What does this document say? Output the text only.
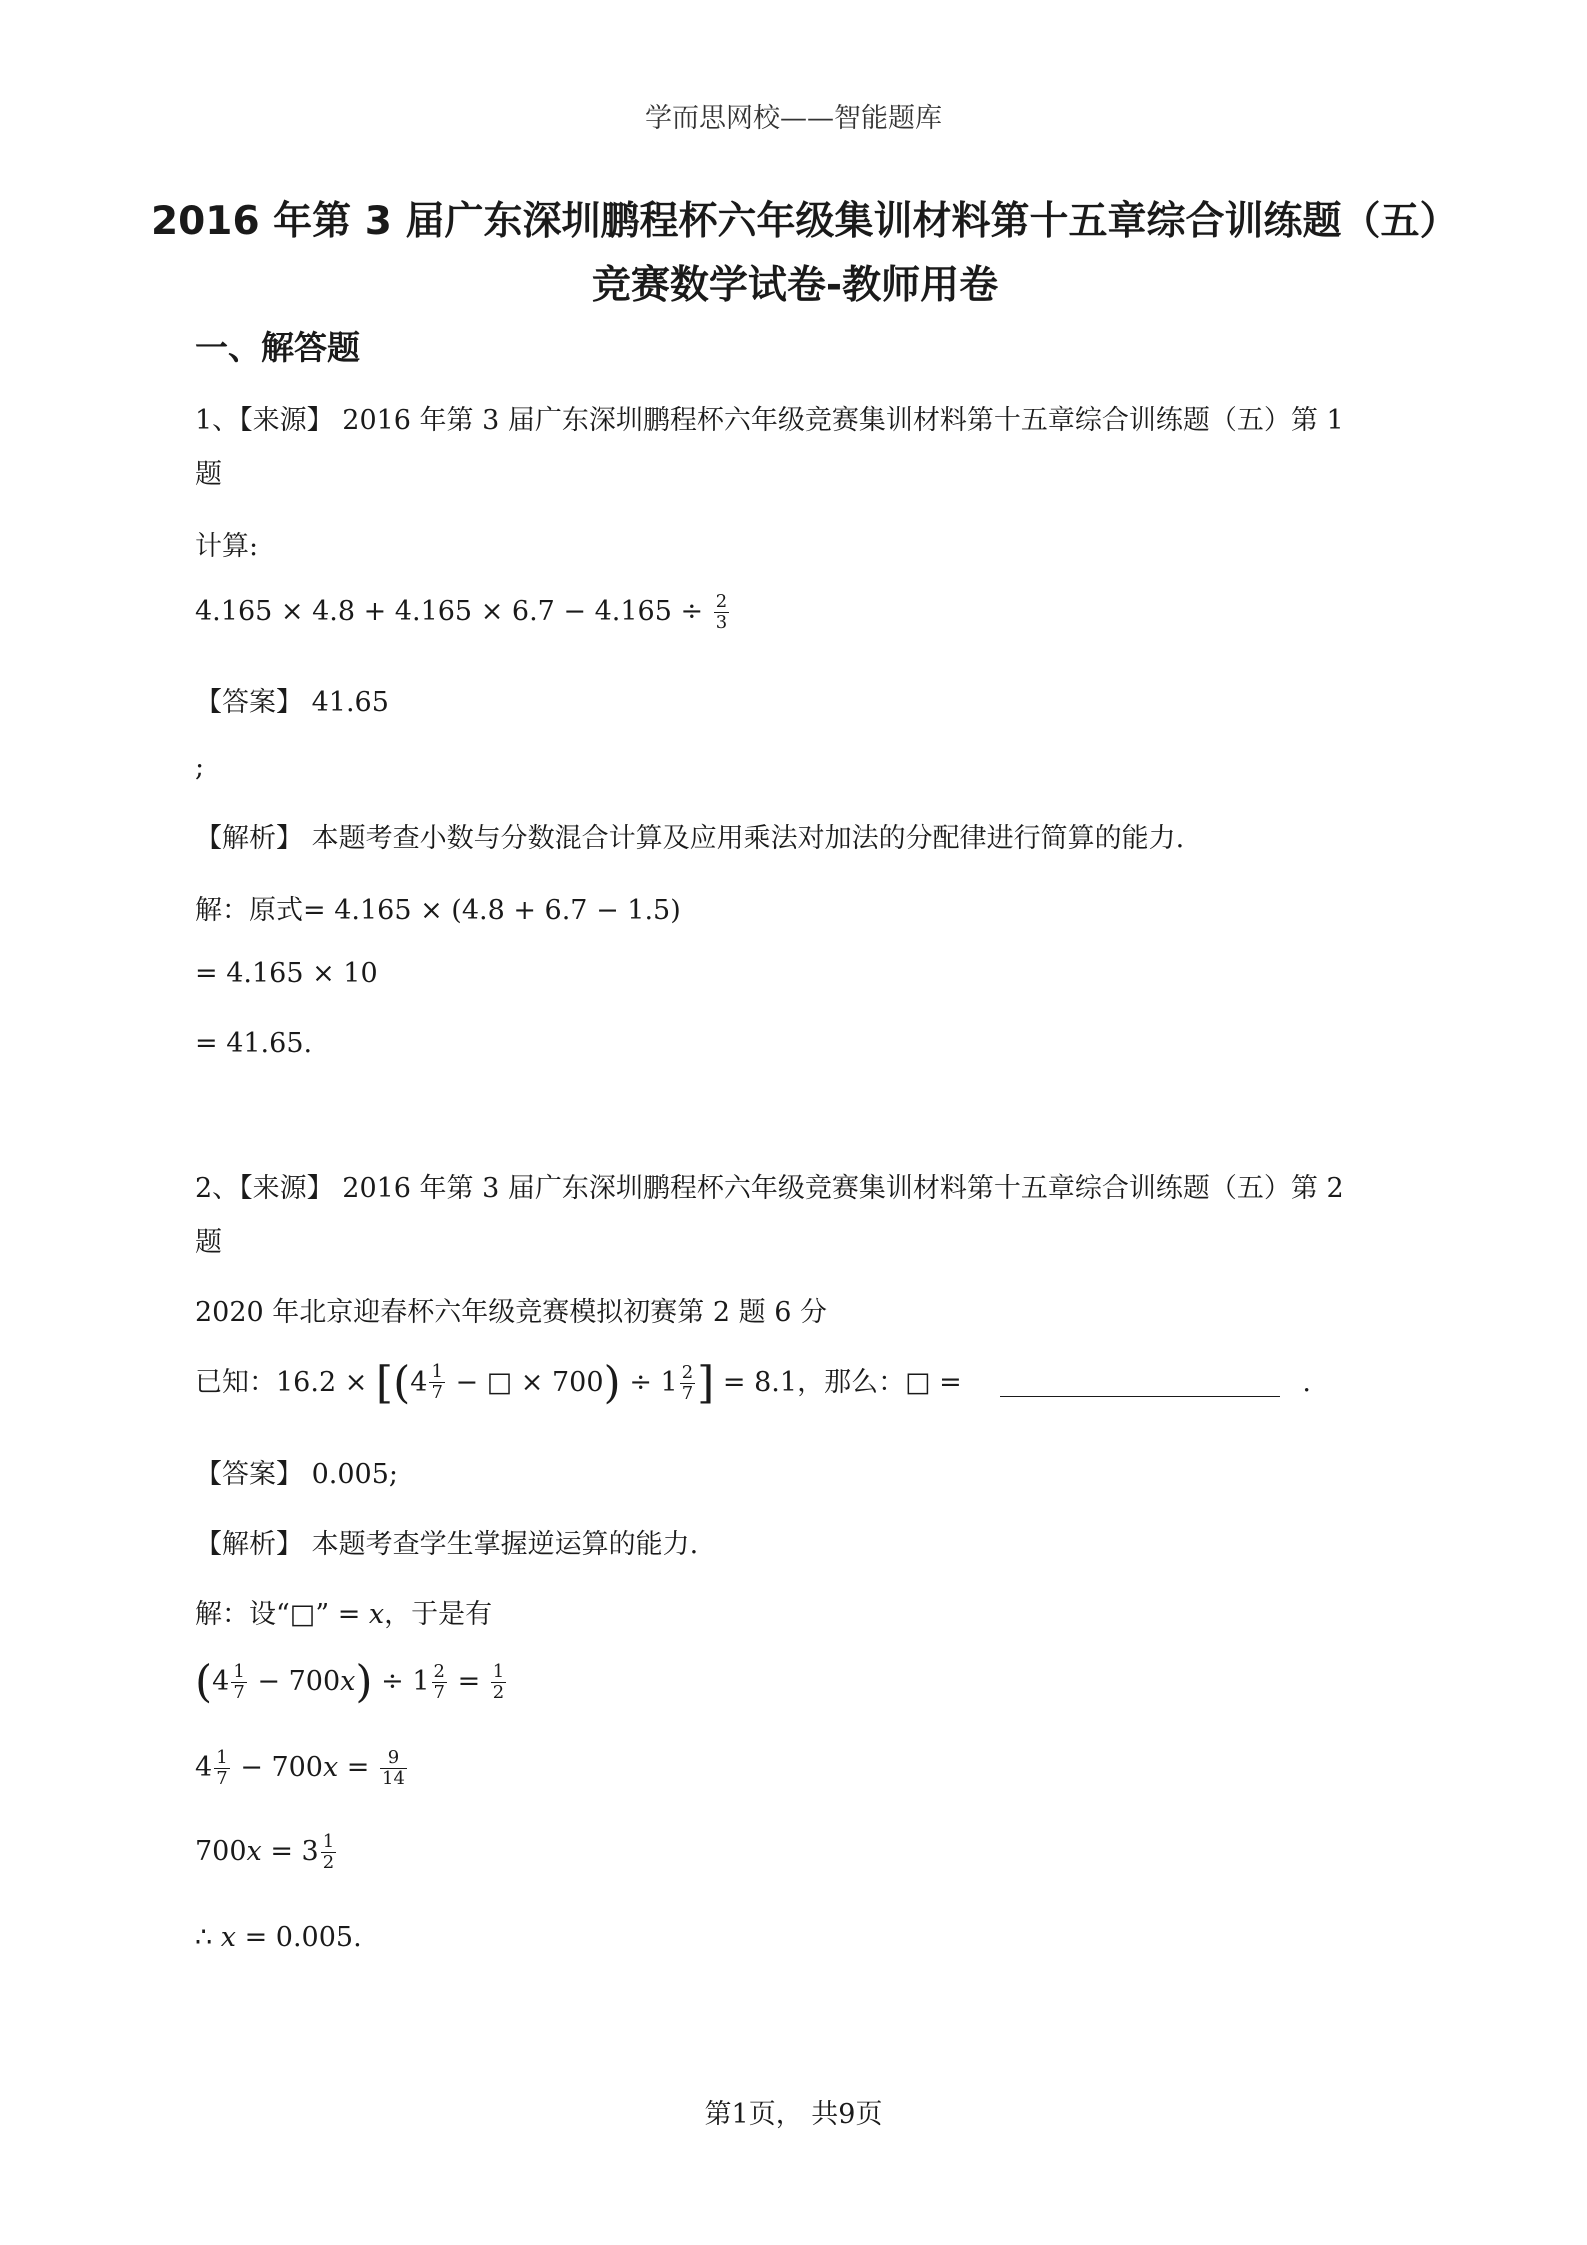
学而思网校——智能题库
2016 年第 3 届广东深圳鹏程杯六年级集训材料第十五章综合训练题（五）竞赛数学试卷-教师用卷
一、解答题
1、【来源】 2016 年第 3 届广东深圳鹏程杯六年级竞赛集训材料第十五章综合训练题（五）第 1
题
计算:
$4.165 \times 4.8 + 4.165 \times 6.7 - 4.165 \div \frac{2}{3}$
【答案】 41.65
;
【解析】 本题考查小数与分数混合计算及应用乘法对加法的分配律进行简算的能力.
解：原式= 4.165 × (4.8 + 6.7 − 1.5)
= 4.165 × 10
= 41.65.
2、【来源】 2016 年第 3 届广东深圳鹏程杯六年级竞赛集训材料第十五章综合训练题（五）第 2
题
2020 年北京迎春杯六年级竞赛模拟初赛第 2 题 6 分
已知：16.2 × [( $4 \frac{1}{7}$ − □ × $700) \div 1 \frac{2}{7}$ ] = 8.1，那么：□ =	.
【答案】 0.005;
【解析】 本题考查学生掌握逆运算的能力.
解：设“□” = 𝑥，于是有
($4 \frac{1}{7}$ − 700𝑥) ÷ $1 \frac{2}{7} = \frac{1}{2}$
$4 \frac{1}{7}$ − 700𝑥 = $\frac{9}{14}$
700𝑥 = $3 \frac{1}{2}$
∴ 𝑥 = 0.005.
第1页， 共9页
